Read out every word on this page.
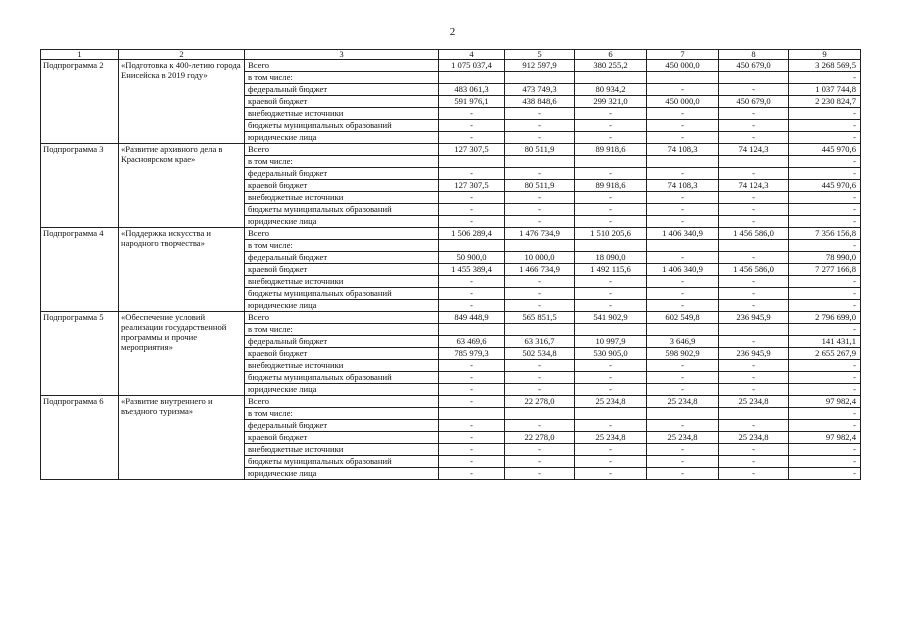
2
1	2	3	4	5	6	7	8	9
Подпрограмма 2	«Подготовка к 400-летию города Енисейска в 2019 году»	Всего	1 075 037,4	912 597,9	380 255,2	450 000,0	450 679,0	3 268 569,5
		в том числе:						-
		федеральный бюджет	483 061,3	473 749,3	80 934,2	-	-	1 037 744,8
		краевой бюджет	591 976,1	438 848,6	299 321,0	450 000,0	450 679,0	2 230 824,7
		внебюджетные источники	-	-	-	-	-	-
		бюджеты муниципальных образований	-	-	-	-	-	-
		юридические лица	-	-	-	-	-	-
Подпрограмма 3	«Развитие архивного дела в Красноярском крае»	Всего	127 307,5	80 511,9	89 918,6	74 108,3	74 124,3	445 970,6
		в том числе:						-
		федеральный бюджет	-	-	-	-	-	-
		краевой бюджет	127 307,5	80 511,9	89 918,6	74 108,3	74 124,3	445 970,6
		внебюджетные источники	-	-	-	-	-	-
		бюджеты муниципальных образований	-	-	-	-	-	-
		юридические лица	-	-	-	-	-	-
Подпрограмма 4	«Поддержка искусства и народного творчества»	Всего	1 506 289,4	1 476 734,9	1 510 205,6	1 406 340,9	1 456 586,0	7 356 156,8
		в том числе:						-
		федеральный бюджет	50 900,0	10 000,0	18 090,0	-	-	78 990,0
		краевой бюджет	1 455 389,4	1 466 734,9	1 492 115,6	1 406 340,9	1 456 586,0	7 277 166,8
		внебюджетные источники	-	-	-	-	-	-
		бюджеты муниципальных образований	-	-	-	-	-	-
		юридические лица	-	-	-	-	-	-
Подпрограмма 5	«Обеспечение условий реализации государственной программы и прочие мероприятия»	Всего	849 448,9	565 851,5	541 902,9	602 549,8	236 945,9	2 796 699,0
		в том числе:						-
		федеральный бюджет	63 469,6	63 316,7	10 997,9	3 646,9	-	141 431,1
		краевой бюджет	785 979,3	502 534,8	530 905,0	598 902,9	236 945,9	2 655 267,9
		внебюджетные источники	-	-	-	-	-	-
		бюджеты муниципальных образований	-	-	-	-	-	-
		юридические лица	-	-	-	-	-	-
Подпрограмма 6	«Развитие внутреннего и въездного туризма»	Всего	-	22 278,0	25 234,8	25 234,8	25 234,8	97 982,4
		в том числе:						-
		федеральный бюджет	-	-	-	-	-	-
		краевой бюджет	-	22 278,0	25 234,8	25 234,8	25 234,8	97 982,4
		внебюджетные источники	-	-	-	-	-	-
		бюджеты муниципальных образований	-	-	-	-	-	-
		юридические лица	-	-	-	-	-	-
